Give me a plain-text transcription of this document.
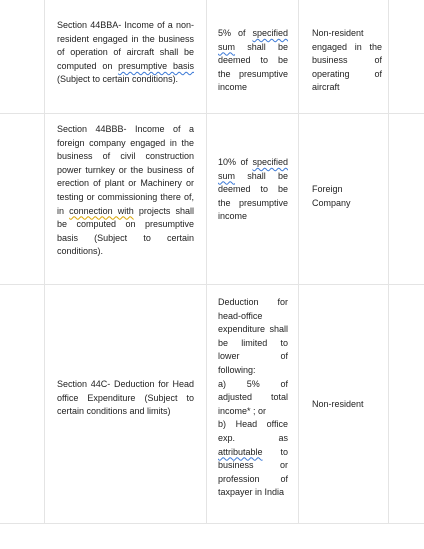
Section 44BBA- Income of a non-resident engaged in the business of operation of aircraft shall be computed on presumptive basis (Subject to certain conditions).
5% of specified sum shall be deemed to be the presumptive income
Non-resident engaged in the business of operating of aircraft
Section 44BBB- Income of a foreign company engaged in the business of civil construction power turnkey or the business of erection of plant or Machinery or testing or commissioning there of, in connection with projects shall be computed on presumptive basis (Subject to certain conditions).
10% of specified sum shall be deemed to be the presumptive income
Foreign Company
Section 44C- Deduction for Head office Expenditure (Subject to certain conditions and limits)
Deduction for head-office expenditure shall be limited to lower of following:
a) 5% of adjusted total income* ; or
b) Head office exp. as attributable to business or profession of taxpayer in India
Non-resident
